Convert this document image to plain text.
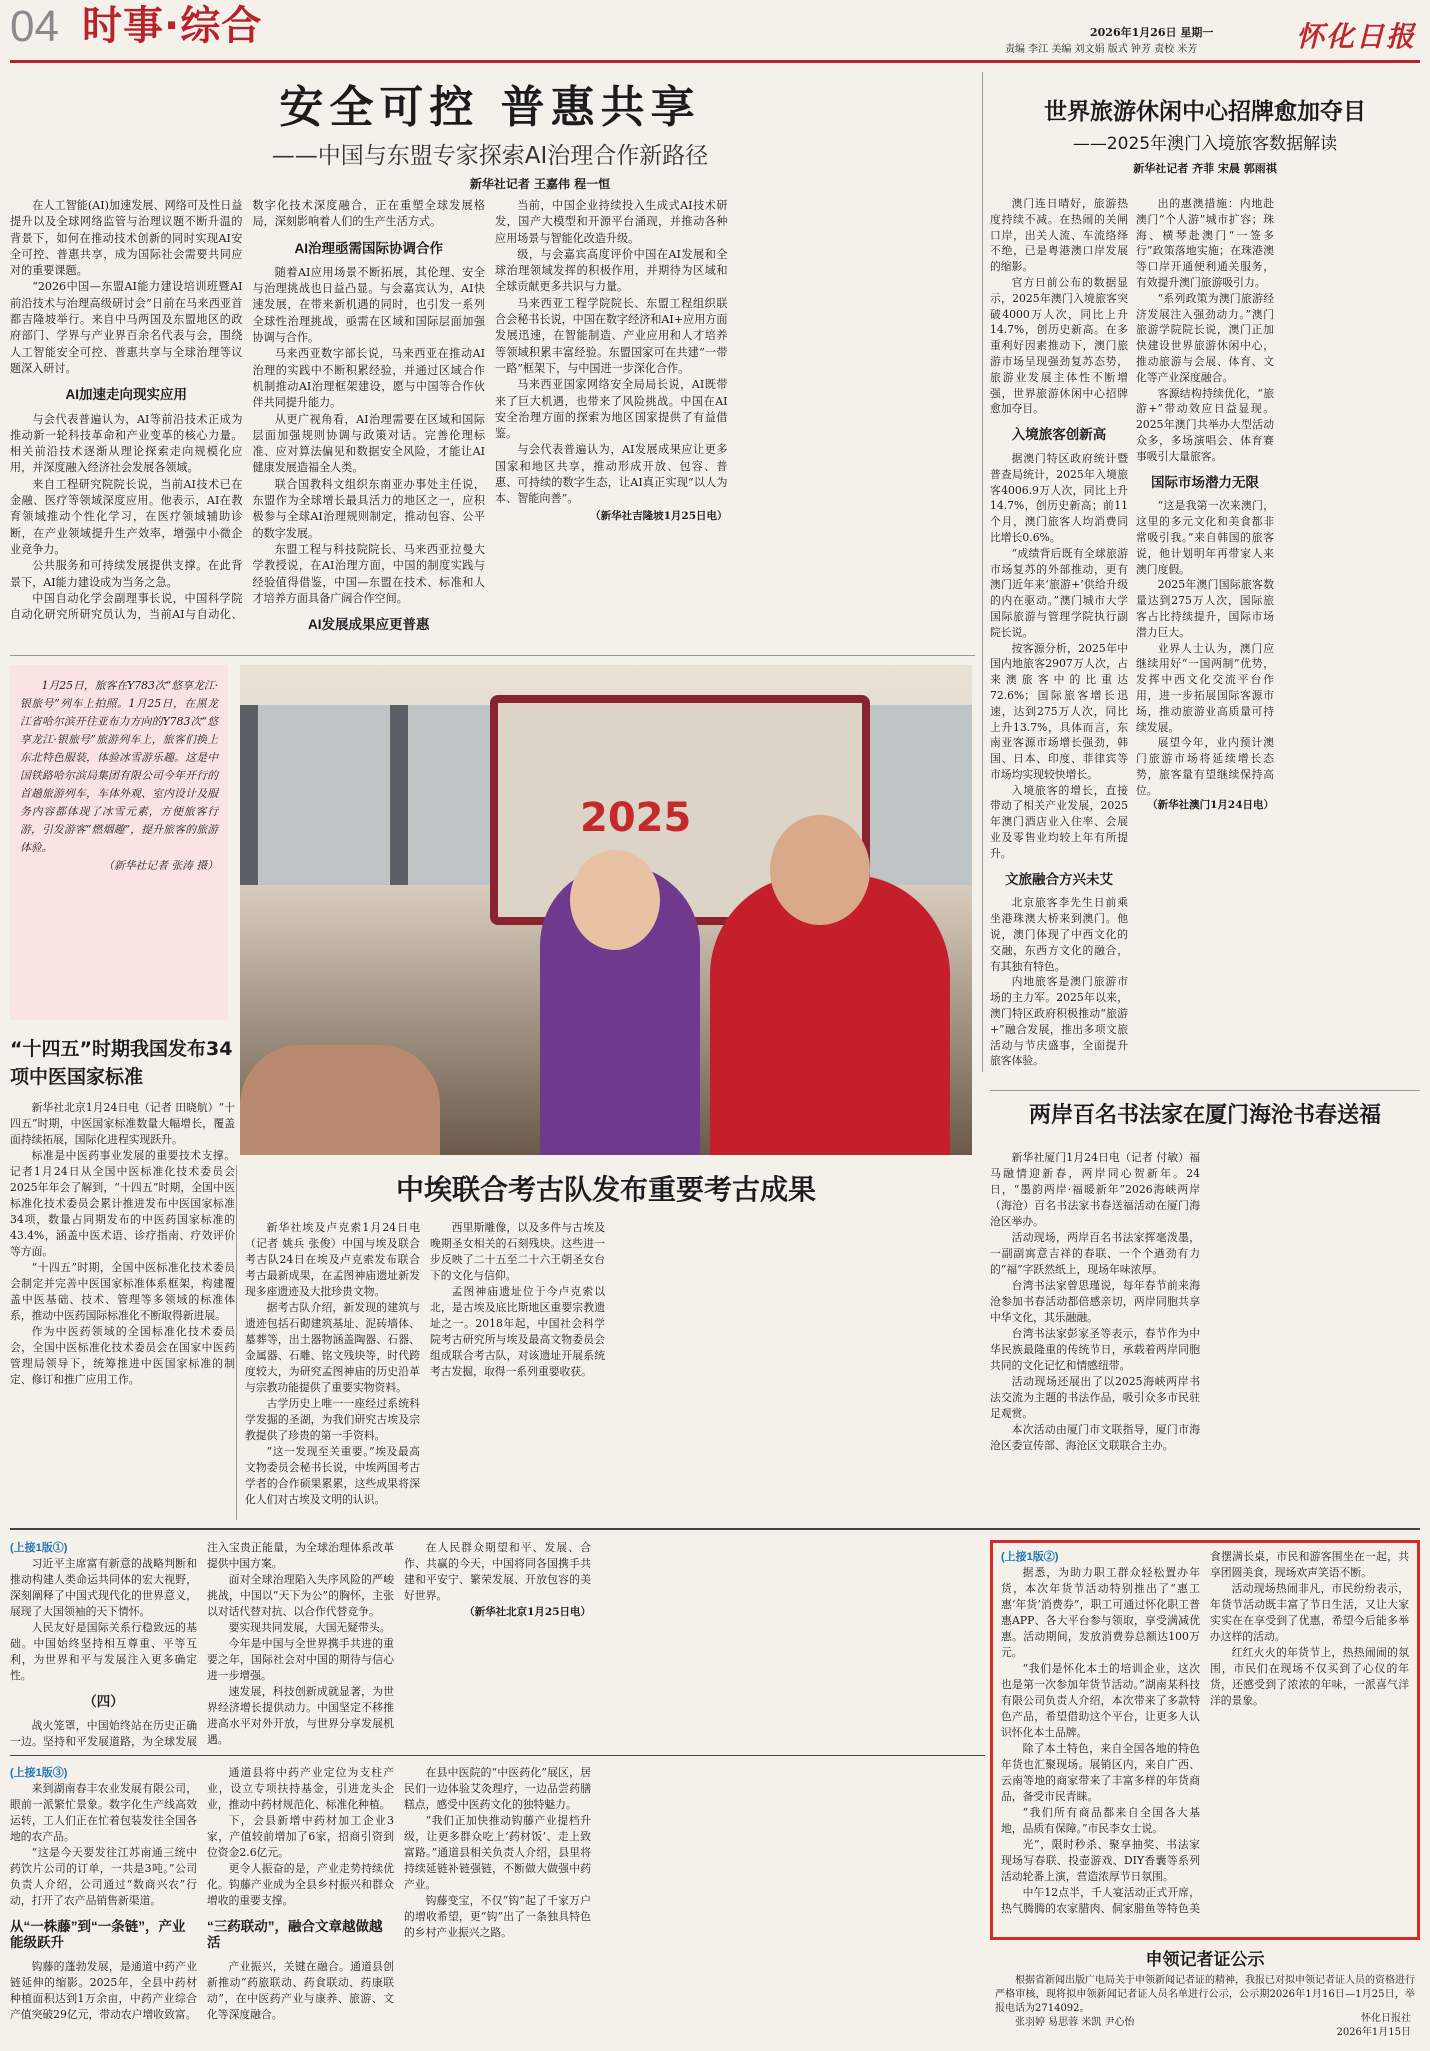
04 时事·综合	2026年1月26日 星期一
责编 李江 美编 刘文娟 版式 钟芳 责校 米芳	怀化日报
安全可控 普惠共享
——中国与东盟专家探索AI治理合作新路径
新华社记者 王嘉伟 程一恒

在人工智能(AI)加速发展、网络可及性日益提升以及全球网络监管与治理议题不断升温的背景下，如何在推动技术创新的同时实现AI安全可控、普惠共享，成为国际社会需要共同应对的重要课题。

“2026中国—东盟AI能力建设培训班暨AI前沿技术与治理高级研讨会”日前在马来西亚首都吉隆坡举行。来自中马两国及东盟地区的政府部门、学界与产业界百余名代表与会，围绕人工智能安全可控、普惠共享与全球治理等议题深入研讨。

AI加速走向现实应用

与会代表普遍认为，AI等前沿技术正成为推动新一轮科技革命和产业变革的核心力量。相关前沿技术逐渐从理论探索走向规模化应用，并深度融入经济社会发展各领域。

来自工程研究院院长说，当前AI技术已在金融、医疗等领域深度应用。他表示，AI在教育领域推动个性化学习，在医疗领域辅助诊断，在产业领域提升生产效率，增强中小微企业竞争力。

公共服务和可持续发展提供支撑。在此背景下，AI能力建设成为当务之急。

中国自动化学会副理事长说，中国科学院自动化研究所研究员认为，当前AI与自动化、数字化技术深度融合，正在重塑全球发展格局，深刻影响着人们的生产生活方式。

AI治理亟需国际协调合作

随着AI应用场景不断拓展，其伦理、安全与治理挑战也日益凸显。与会嘉宾认为，AI快速发展，在带来新机遇的同时，也引发一系列全球性治理挑战，亟需在区域和国际层面加强协调与合作。

马来西亚数字部长说，马来西亚在推动AI治理的实践中不断积累经验，并通过区域合作机制推动AI治理框架建设，愿与中国等合作伙伴共同提升能力。

从更广视角看，AI治理需要在区域和国际层面加强规则协调与政策对话。完善伦理标准、应对算法偏见和数据安全风险，才能让AI健康发展造福全人类。

联合国教科文组织东南亚办事处主任说，东盟作为全球增长最具活力的地区之一，应积极参与全球AI治理规则制定，推动包容、公平的数字发展。

东盟工程与科技院院长、马来西亚拉曼大学教授说，在AI治理方面，中国的制度实践与经验值得借鉴，中国—东盟在技术、标准和人才培养方面具备广阔合作空间。

AI发展成果应更普惠

当前，中国企业持续投入生成式AI技术研发，国产大模型和开源平台涌现，并推动各种应用场景与智能化改造升级。

级，与会嘉宾高度评价中国在AI发展和全球治理领域发挥的积极作用，并期待为区域和全球贡献更多共识与力量。

马来西亚工程学院院长、东盟工程组织联合会秘书长说，中国在数字经济和AI+应用方面发展迅速，在智能制造、产业应用和人才培养等领域积累丰富经验。东盟国家可在共建“一带一路”框架下，与中国进一步深化合作。

马来西亚国家网络安全局局长说，AI既带来了巨大机遇，也带来了风险挑战。中国在AI安全治理方面的探索为地区国家提供了有益借鉴。

与会代表普遍认为，AI发展成果应让更多国家和地区共享，推动形成开放、包容、普惠、可持续的数字生态，让AI真正实现“以人为本、智能向善”。

（新华社吉隆坡1月25日电）

世界旅游休闲中心招牌愈加夺目
——2025年澳门入境旅客数据解读
新华社记者 齐菲 宋晨 郭雨祺

澳门连日晴好，旅游热度持续不减。在热闹的关闸口岸，出关人流、车流络绎不绝，已是粤港澳口岸发展的缩影。

官方日前公布的数据显示，2025年澳门入境旅客突破4000万人次，同比上升14.7%，创历史新高。在多重利好因素推动下，澳门旅游市场呈现强劲复苏态势，旅游业发展主体性不断增强，世界旅游休闲中心招牌愈加夺目。

入境旅客创新高

据澳门特区政府统计暨普查局统计，2025年入境旅客4006.9万人次，同比上升14.7%，创历史新高；前11个月，澳门旅客人均消费同比增长0.6%。

“成绩背后既有全球旅游市场复苏的外部推动，更有澳门近年来‘旅游+’供给升级的内在驱动。”澳门城市大学国际旅游与管理学院执行副院长说。

按客源分析，2025年中国内地旅客2907万人次，占来澳旅客中的比重达72.6%；国际旅客增长迅速，达到275万人次，同比上升13.7%，具体而言，东南亚客源市场增长强劲，韩国、日本、印度、菲律宾等市场均实现较快增长。

入境旅客的增长，直接带动了相关产业发展，2025年澳门酒店业入住率、会展业及零售业均较上年有所提升。

文旅融合方兴未艾

北京旅客李先生日前乘坐港珠澳大桥来到澳门。他说，澳门体现了中西文化的交融，东西方文化的融合，有其独有特色。

内地旅客是澳门旅游市场的主力军。2025年以来，澳门特区政府积极推动“旅游+”融合发展，推出多项文旅活动与节庆盛事，全面提升旅客体验。

出的惠澳措施：内地赴澳门“个人游”城市扩容；珠海、横琴赴澳门“一签多行”政策落地实施；在珠港澳等口岸开通便利通关服务，有效提升澳门旅游吸引力。

“系列政策为澳门旅游经济发展注入强劲动力。”澳门旅游学院院长说，澳门正加快建设世界旅游休闲中心，推动旅游与会展、体育、文化等产业深度融合。

客源结构持续优化，“旅游+”带动效应日益显现。2025年澳门共举办大型活动众多，多场演唱会、体育赛事吸引大量旅客。

国际市场潜力无限

“这是我第一次来澳门，这里的多元文化和美食都非常吸引我。”来自韩国的旅客说，他计划明年再带家人来澳门度假。

2025年澳门国际旅客数量达到275万人次，国际旅客占比持续提升，国际市场潜力巨大。

业界人士认为，澳门应继续用好“一国两制”优势，发挥中西文化交流平台作用，进一步拓展国际客源市场，推动旅游业高质量可持续发展。

展望今年，业内预计澳门旅游市场将延续增长态势，旅客量有望继续保持高位。

（新华社澳门1月24日电）

1月25日，旅客在Y783次“悠享龙江·银旅号”列车上拍照。1月25日，在黑龙江省哈尔滨开往亚布力方向的Y783次“悠享龙江·银旅号”旅游列车上，旅客们换上东北特色服装，体验冰雪游乐趣。这是中国铁路哈尔滨局集团有限公司今年开行的首趟旅游列车，车体外观、室内设计及服务内容都体现了冰雪元素，方便旅客行游，引发游客“燃烟趣”，提升旅客的旅游体验。

（新华社记者 张涛 摄）

2025
“十四五”时期我国发布34项中医国家标准

新华社北京1月24日电（记者 田晓航）“十四五”时期，中医国家标准数量大幅增长，覆盖面持续拓展，国际化进程实现跃升。

标准是中医药事业发展的重要技术支撑。记者1月24日从全国中医标准化技术委员会2025年年会了解到，“十四五”时期，全国中医标准化技术委员会累计推进发布中医国家标准34项，数量占同期发布的中医药国家标准的43.4%，涵盖中医术语、诊疗指南、疗效评价等方面。

“十四五”时期，全国中医标准化技术委员会制定并完善中医国家标准体系框架，构建覆盖中医基础、技术、管理等多领域的标准体系，推动中医药国际标准化不断取得新进展。

作为中医药领域的全国标准化技术委员会，全国中医标准化技术委员会在国家中医药管理局领导下，统筹推进中医国家标准的制定、修订和推广应用工作。

中埃联合考古队发布重要考古成果

新华社埃及卢克索1月24日电（记者 姚兵 张俊）中国与埃及联合考古队24日在埃及卢克索发布联合考古最新成果，在孟图神庙遗址新发现多座遗迹及大批珍贵文物。

据考古队介绍，新发现的建筑与遗迹包括石砌建筑基址、泥砖墙体、墓葬等，出土器物涵盖陶器、石器、金属器、石雕、铭文残块等，时代跨度较大，为研究孟图神庙的历史沿革与宗教功能提供了重要实物资料。

古学历史上唯一一座经过系统科学发掘的圣湖，为我们研究古埃及宗教提供了珍贵的第一手资料。

“这一发现至关重要。”埃及最高文物委员会秘书长说，中埃两国考古学者的合作硕果累累，这些成果将深化人们对古埃及文明的认识。

西里斯雕像，以及多件与古埃及晚期圣女相关的石刻残块。这些进一步反映了二十五至二十六王朝圣女台下的文化与信仰。

孟图神庙遗址位于今卢克索以北，是古埃及底比斯地区重要宗教遗址之一。2018年起，中国社会科学院考古研究所与埃及最高文物委员会组成联合考古队，对该遗址开展系统考古发掘，取得一系列重要收获。

两岸百名书法家在厦门海沧书春送福

新华社厦门1月24日电（记者 付敏）福马融情迎新春，两岸同心贺新年。24日，“墨韵两岸·福暖新年”2026海峡两岸（海沧）百名书法家书春送福活动在厦门海沧区举办。

活动现场，两岸百名书法家挥毫泼墨，一副副寓意吉祥的春联、一个个遒劲有力的“福”字跃然纸上，现场年味浓厚。

台湾书法家曾思瑾说，每年春节前来海沧参加书春活动都倍感亲切，两岸同胞共享中华文化，其乐融融。

台湾书法家彭家圣等表示，春节作为中华民族最隆重的传统节日，承载着两岸同胞共同的文化记忆和情感纽带。

活动现场还展出了以2025海峡两岸书法交流为主题的书法作品，吸引众多市民驻足观赏。

本次活动由厦门市文联指导，厦门市海沧区委宣传部、海沧区文联联合主办。

(上接1版①)

习近平主席富有新意的战略判断和推动构建人类命运共同体的宏大视野，深刻阐释了中国式现代化的世界意义，展现了大国领袖的天下情怀。

人民友好是国际关系行稳致远的基础。中国始终坚持相互尊重、平等互利，为世界和平与发展注入更多确定性。

（四）

战火笼罩，中国始终站在历史正确一边。坚持和平发展道路，为全球发展注入宝贵正能量，为全球治理体系改革提供中国方案。

面对全球治理陷入失序风险的严峻挑战，中国以“天下为公”的胸怀，主张以对话代替对抗、以合作代替竞争。

要实现共同发展，大国无疑带头。

今年是中国与全世界携手共进的重要之年，国际社会对中国的期待与信心进一步增强。

速发展，科技创新成就显著，为世界经济增长提供动力。中国坚定不移推进高水平对外开放，与世界分享发展机遇。

在人民群众期望和平、发展、合作、共赢的今天，中国将同各国携手共建和平安宁、繁荣发展、开放包容的美好世界。

（新华社北京1月25日电）

(上接1版③)

来到湖南春丰农业发展有限公司，眼前一派繁忙景象。数字化生产线高效运转，工人们正在忙着包装发往全国各地的农产品。

“这是今天要发往江苏南通三统中药饮片公司的订单，一共是3吨。”公司负责人介绍，公司通过“数商兴农”行动，打开了农产品销售新渠道。

从“一株藤”到“一条链”，产业能级跃升

钩藤的蓬勃发展，是通道中药产业链延伸的缩影。2025年，全县中药材种植面积达到1万余亩，中药产业综合产值突破29亿元，带动农户增收致富。

通道县将中药产业定位为支柱产业，设立专项扶持基金，引进龙头企业，推动中药材规范化、标准化种植。

下，会县新增中药材加工企业3家，产值较前增加了6家，招商引资到位资金2.6亿元。

更令人振奋的是，产业走势持续优化。钩藤产业成为全县乡村振兴和群众增收的重要支撑。

“三药联动”，融合文章越做越活

产业振兴，关键在融合。通道县创新推动“药旅联动、药食联动、药康联动”，在中医药产业与康养、旅游、文化等深度融合。

在县中医院的“中医药化”展区，居民们一边体验艾灸理疗，一边品尝药膳糕点，感受中医药文化的独特魅力。

“我们正加快推动钩藤产业提档升级，让更多群众吃上‘药材饭’、走上致富路。”通道县相关负责人介绍，县里将持续延链补链强链，不断做大做强中药产业。

钩藤变宝，不仅“钩”起了千家万户的增收希望，更“钩”出了一条独具特色的乡村产业振兴之路。

(上接1版②)

据悉，为助力职工群众轻松置办年货，本次年货节活动特别推出了“惠工惠‘年货’消费券”，职工可通过怀化职工普惠APP、各大平台参与领取，享受满减优惠。活动期间，发放消费券总额达100万元。

“我们是怀化本土的培训企业，这次也是第一次参加年货节活动。”湖南某科技有限公司负责人介绍，本次带来了多款特色产品，希望借助这个平台，让更多人认识怀化本土品牌。

除了本土特色，来自全国各地的特色年货也汇聚现场。展销区内，来自广西、云南等地的商家带来了丰富多样的年货商品，备受市民青睐。

“我们所有商品都来自全国各大基地，品质有保障。”市民李女士说。

光”，限时秒杀、聚享抽奖、书法家现场写春联、投壶游戏、DIY香囊等系列活动轮番上演，营造浓厚节日氛围。

中午12点半，千人宴活动正式开席，热气腾腾的农家腊肉、侗家腊鱼等特色美食摆满长桌，市民和游客围坐在一起，共享团圆美食，现场欢声笑语不断。

活动现场热闹非凡，市民纷纷表示，年货节活动既丰富了节日生活，又让大家实实在在享受到了优惠，希望今后能多举办这样的活动。

红红火火的年货节上，热热闹闹的氛围，市民们在现场不仅买到了心仪的年货，还感受到了浓浓的年味，一派喜气洋洋的景象。

申领记者证公示

根据省新闻出版广电局关于申领新闻记者证的精神，我报已对拟申领记者证人员的资格进行严格审核，现将拟申领新闻记者证人员名单进行公示，公示期2026年1月16日—1月25日，举报电话为2714092。

张羽婷 易思蓉 米凯 尹心怡	怀化日报社

2026年1月15日
